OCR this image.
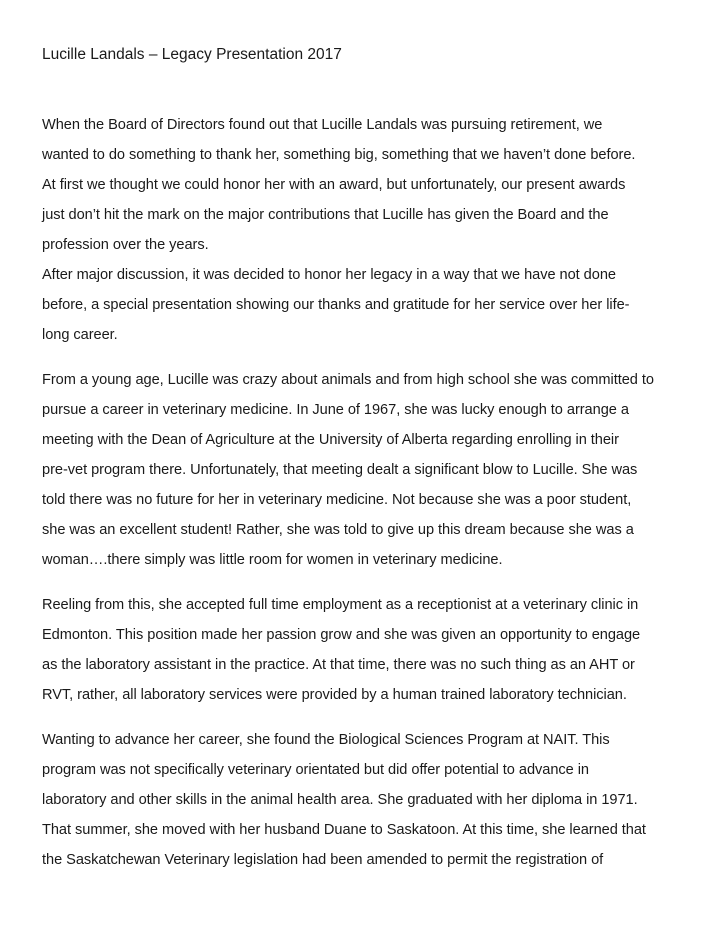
Lucille Landals – Legacy Presentation 2017

When the Board of Directors found out that Lucille Landals was pursuing retirement, we
wanted to do something to thank her, something big, something that we haven’t done before.
At first we thought we could honor her with an award, but unfortunately, our present awards
just don’t hit the mark on the major contributions that Lucille has given the Board and the
profession over the years.

After major discussion, it was decided to honor her legacy in a way that we have not done
before, a special presentation showing our thanks and gratitude for her service over her life-
long career.

From a young age, Lucille was crazy about animals and from high school she was committed to
pursue a career in veterinary medicine. In June of 1967, she was lucky enough to arrange a
meeting with the Dean of Agriculture at the University of Alberta regarding enrolling in their
pre-vet program there. Unfortunately, that meeting dealt a significant blow to Lucille. She was
told there was no future for her in veterinary medicine. Not because she was a poor student,
she was an excellent student! Rather, she was told to give up this dream because she was a
woman….there simply was little room for women in veterinary medicine.

Reeling from this, she accepted full time employment as a receptionist at a veterinary clinic in
Edmonton. This position made her passion grow and she was given an opportunity to engage
as the laboratory assistant in the practice. At that time, there was no such thing as an AHT or
RVT, rather, all laboratory services were provided by a human trained laboratory technician.

Wanting to advance her career, she found the Biological Sciences Program at NAIT. This
program was not specifically veterinary orientated but did offer potential to advance in
laboratory and other skills in the animal health area. She graduated with her diploma in 1971.
That summer, she moved with her husband Duane to Saskatoon. At this time, she learned that
the Saskatchewan Veterinary legislation had been amended to permit the registration of
